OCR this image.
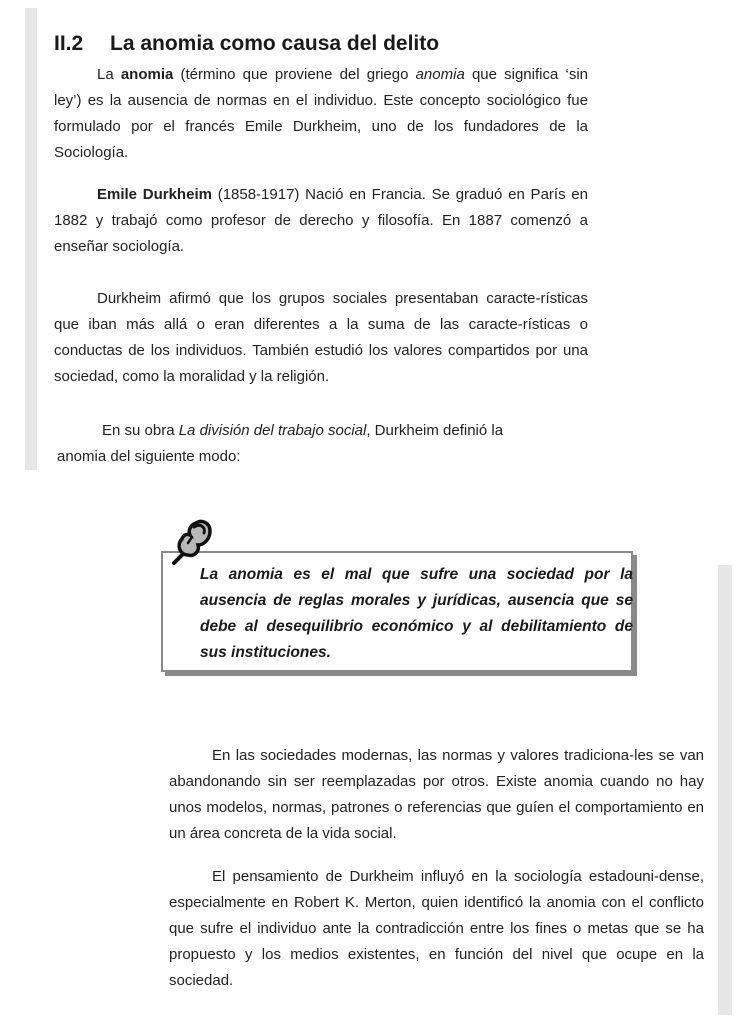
II.2 La anomia como causa del delito
La anomia (término que proviene del griego anomia que significa ‘sin ley’) es la ausencia de normas en el individuo. Este concepto sociológico fue formulado por el francés Emile Durkheim, uno de los fundadores de la Sociología.
Emile Durkheim (1858-1917) Nació en Francia. Se graduó en París en 1882 y trabajó como profesor de derecho y filosofía. En 1887 comenzó a enseñar sociología.
Durkheim afirmó que los grupos sociales presentaban caracte-rísticas que iban más allá o eran diferentes a la suma de las caracte-rísticas o conductas de los individuos. También estudió los valores compartidos por una sociedad, como la moralidad y la religión.
En su obra La división del trabajo social, Durkheim definió la
anomia del siguiente modo:
La anomia es el mal que sufre una sociedad por la ausencia de reglas morales y jurídicas, ausencia que se debe al desequilibrio económico y al debilitamiento de sus instituciones.
En las sociedades modernas, las normas y valores tradiciona-les se van abandonando sin ser reemplazadas por otros. Existe anomia cuando no hay unos modelos, normas, patrones o referencias que guíen el comportamiento en un área concreta de la vida social.
El pensamiento de Durkheim influyó en la sociología estadouni-dense, especialmente en Robert K. Merton, quien identificó la anomia con el conflicto que sufre el individuo ante la contradicción entre los fines o metas que se ha propuesto y los medios existentes, en función del nivel que ocupe en la sociedad.
